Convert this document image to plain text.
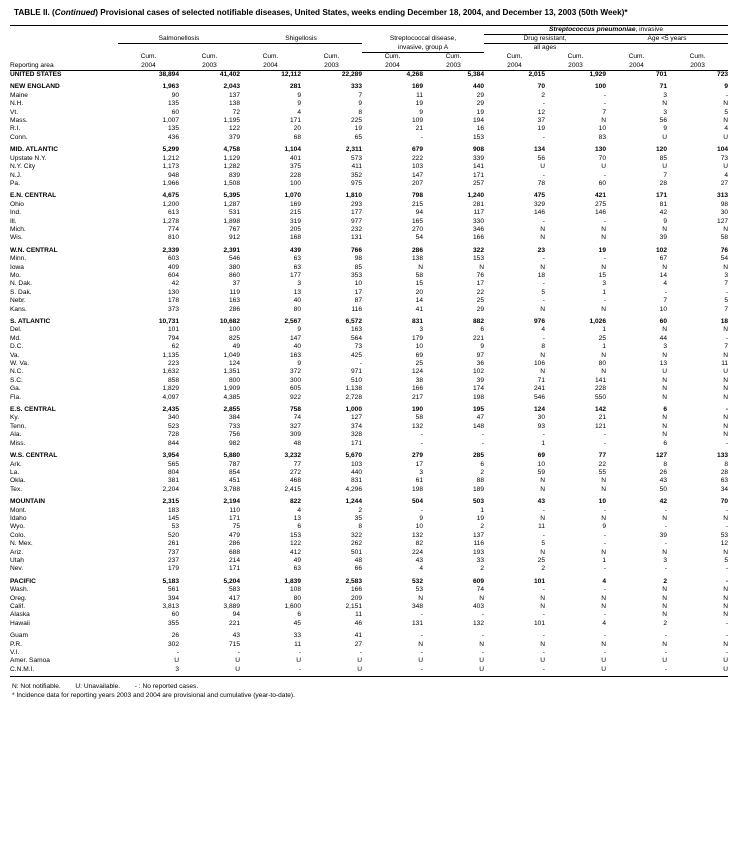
TABLE II. (Continued) Provisional cases of selected notifiable diseases, United States, weeks ending December 18, 2004, and December 13, 2003 (50th Week)*
							Streptococcus pneumoniae, invasive			
	Salmonellosis		Shigellosis		Streptococcal disease,		Drug resistant,		Age <5 years	
					invasive, group A		all ages			
	Cum.	Cum.	Cum.	Cum.	Cum.	Cum.	Cum.	Cum.	Cum.	Cum.
Reporting area	2004	2003	2004	2003	2004	2003	2004	2003	2004	2003
UNITED STATES	38,894	41,402	12,112	22,289	4,268	5,384	2,015	1,929	701	723

NEW ENGLAND	1,963	2,043	281	333	169	440	70	100	71	9
Maine	90	137	9	7	11	29	2	-	3	-
N.H.	135	138	9	9	19	29	-	-	N	N
Vt.	60	72	4	8	9	19	12	7	3	5
Mass.	1,007	1,195	171	225	109	194	37	N	56	N
R.I.	135	122	20	19	21	16	19	10	9	4
Conn.	436	379	68	65	-	153	-	83	U	U

MID. ATLANTIC	5,299	4,758	1,104	2,311	679	908	134	130	120	104
Upstate N.Y.	1,212	1,129	401	573	222	339	56	70	85	73
N.Y. City	1,173	1,282	375	411	103	141	U	U	U	U
N.J.	948	839	228	352	147	171	-	-	7	4
Pa.	1,966	1,508	100	975	207	257	78	60	28	27

E.N. CENTRAL	4,675	5,395	1,070	1,810	798	1,240	475	421	171	313
Ohio	1,200	1,287	169	293	215	281	329	275	81	98
Ind.	613	531	215	177	94	117	146	146	42	30
Ill.	1,278	1,898	319	977	165	330	-	-	9	127
Mich.	774	767	205	232	270	346	N	N	N	N
Wis.	810	912	168	131	54	166	N	N	39	58

W.N. CENTRAL	2,339	2,391	439	766	286	322	23	19	102	76
Minn.	603	546	63	98	138	153	-	-	67	54
Iowa	409	380	63	85	N	N	N	N	N	N
Mo.	604	860	177	353	58	76	18	15	14	3
N. Dak.	42	37	3	10	15	17	-	3	4	7
S. Dak.	130	119	13	17	20	22	5	1	-	-
Nebr.	178	163	40	87	14	25	-	-	7	5
Kans.	373	286	80	116	41	29	N	N	10	7

S. ATLANTIC	10,731	10,682	2,567	6,572	831	882	976	1,026	60	18
Del.	101	100	9	163	3	6	4	1	N	N
Md.	794	825	147	564	179	221	-	25	44	-
D.C.	62	49	40	73	10	9	8	1	3	7
Va.	1,135	1,049	163	425	69	97	N	N	N	N
W. Va.	223	124	9	-	25	36	106	80	13	11
N.C.	1,632	1,351	372	971	124	102	N	N	U	U
S.C.	858	800	300	510	38	39	71	141	N	N
Ga.	1,829	1,909	605	1,138	166	174	241	228	N	N
Fla.	4,097	4,385	922	2,728	217	198	546	550	N	N

E.S. CENTRAL	2,435	2,855	758	1,000	190	195	124	142	6	-
Ky.	340	384	74	127	58	47	30	21	N	N
Tenn.	523	733	327	374	132	148	93	121	N	N
Ala.	728	756	309	328	-	-	-	-	N	N
Miss.	844	982	48	171	-	-	1	-	6	-

W.S. CENTRAL	3,954	5,880	3,232	5,670	279	285	69	77	127	133
Ark.	565	787	77	103	17	6	10	22	8	8
La.	804	854	272	440	3	2	59	55	26	28
Okla.	381	451	468	831	61	88	N	N	43	63
Tex.	2,204	3,788	2,415	4,296	198	189	N	N	50	34

MOUNTAIN	2,315	2,194	822	1,244	504	503	43	10	42	70
Mont.	183	110	4	2	-	1	-	-	-	-
Idaho	145	171	13	35	9	19	N	N	N	N
Wyo.	53	75	6	8	10	2	11	9	-	-
Colo.	520	479	153	322	132	137	-	-	39	53
N. Mex.	261	286	122	262	82	116	5	-	-	12
Ariz.	737	688	412	501	224	193	N	N	N	N
Utah	237	214	49	48	43	33	25	1	3	5
Nev.	179	171	63	66	4	2	2	-	-	-

PACIFIC	5,183	5,204	1,839	2,583	532	609	101	4	2	-
Wash.	561	583	108	166	53	74	-	-	N	N
Oreg.	394	417	80	209	N	N	N	N	N	N
Calif.	3,813	3,889	1,600	2,151	348	403	N	N	N	N
Alaska	60	94	6	11	-	-	-	-	N	N
Hawaii	355	221	45	46	131	132	101	4	2	-

Guam	26	43	33	41	-	-	-	-	-	-
P.R.	302	715	11	27	N	N	N	N	N	N
V.I.	-	-	-	-	-	-	-	-	-	-
Amer. Samoa	U	U	U	U	U	U	U	U	U	U
C.N.M.I.	3	U	-	U	-	U	-	U	-	U
N: Not notifiable.        U: Unavailable.        - : No reported cases.
* Incidence data for reporting years 2003 and 2004 are provisional and cumulative (year-to-date).
